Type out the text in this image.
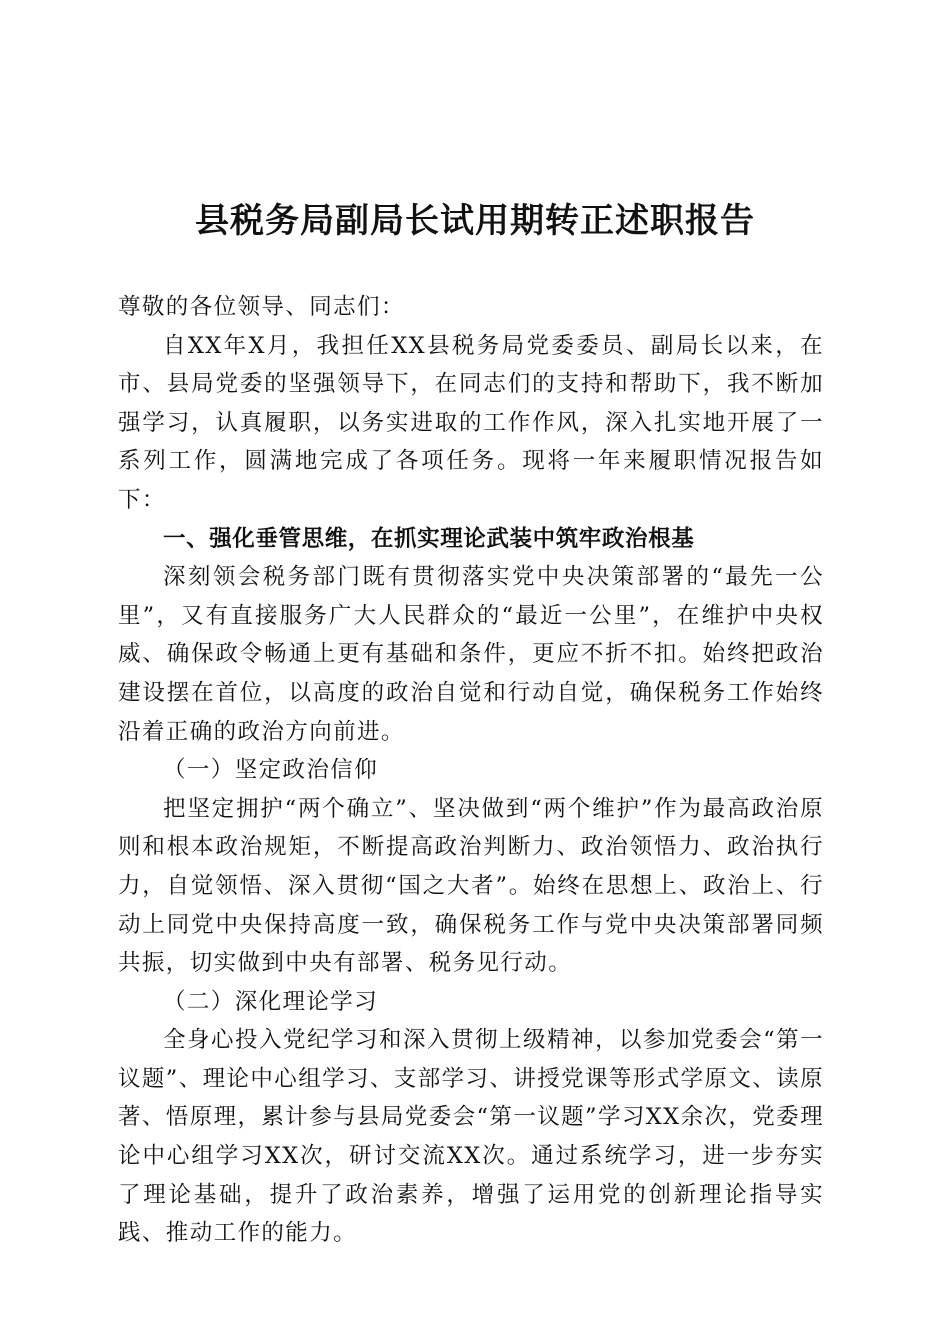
县税务局副局长试用期转正述职报告

尊敬的各位领导、同志们：

自XX年X月，我担任XX县税务局党委委员、副局长以来，在市、县局党委的坚强领导下，在同志们的支持和帮助下，我不断加强学习，认真履职，以务实进取的工作作风，深入扎实地开展了一系列工作，圆满地完成了各项任务。现将一年来履职情况报告如下：

一、强化垂管思维，在抓实理论武装中筑牢政治根基

深刻领会税务部门既有贯彻落实党中央决策部署的“最先一公里”，又有直接服务广大人民群众的“最近一公里”，在维护中央权威、确保政令畅通上更有基础和条件，更应不折不扣。始终把政治建设摆在首位，以高度的政治自觉和行动自觉，确保税务工作始终沿着正确的政治方向前进。

（一）坚定政治信仰

把坚定拥护“两个确立”、坚决做到“两个维护”作为最高政治原则和根本政治规矩，不断提高政治判断力、政治领悟力、政治执行力，自觉领悟、深入贯彻“国之大者”。始终在思想上、政治上、行动上同党中央保持高度一致，确保税务工作与党中央决策部署同频共振，切实做到中央有部署、税务见行动。

（二）深化理论学习

全身心投入党纪学习和深入贯彻上级精神，以参加党委会“第一议题”、理论中心组学习、支部学习、讲授党课等形式学原文、读原著、悟原理，累计参与县局党委会“第一议题”学习XX余次，党委理论中心组学习XX次，研讨交流XX次。通过系统学习，进一步夯实了理论基础，提升了政治素养，增强了运用党的创新理论指导实践、推动工作的能力。
